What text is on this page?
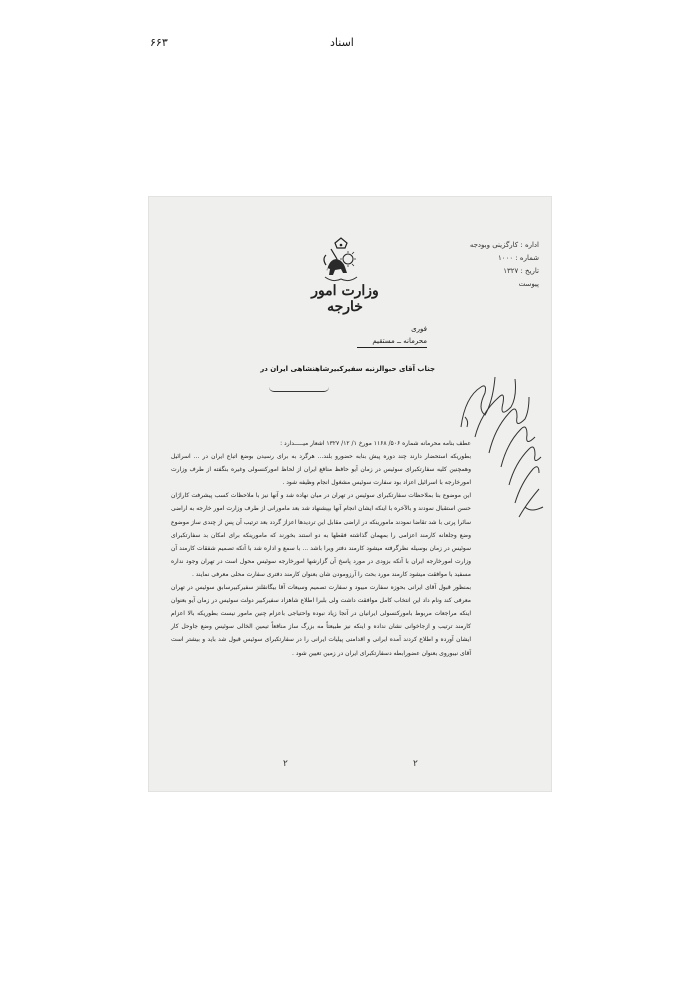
۶۶۳	اسناد
وزارت امور خارجه
اداره : کارگزینی وبودجه
شماره : ۱۰۰۰
تاریخ : ۱۳۲۷
پیوست
فوری
محرمانه ــ مستقیم
جناب آقای حبوالزنبه سفیرکبیرشاهنشاهی ایران در

عطف بنامه محرمانه شماره ۵۰۶/ ۱۱۶۸ مورخ ۱/ ۱۲/ ۱۳۲۷ اشعار میـــــدارد :

بطوریکه استحضار دارند چند دوره پیش بنابه حضورو بلند... هرگرد به برای رسیدن بوضع اتباع ایران در ... اسرائیل وهمچنین کلیه سفارتکبرای سوئیس در زمان آیو حافظ منافع ایران از لحاظ امورکنسولی وغیره بنگفته از طرف وزارت امورخارجه با اسرائیل اعزاد بود سفارت سوئیس مشغول انجام وظیفه شود .

این موضوع بنا بملاحظات سفارتکبرای سوئیس در تهران در میان نهاده شد و آنها نیز با ملاحظات کسب پیشرفت کاراژان حسن استقبال نمودند و بالآخره با اینکه ایشان انجام آنها بپیشنهاد شد بعد مامورانی از طرف وزارت امور خارجه به اراضی سائرا پرتی با شد تقاضا نمودند مامورینکه در اراضی مقابل این تردیدها اعزاز گردد بعد ترتیب آن پس از چندی ساز موضوع وضع وجلعانه کارمند اعزامی را بمهمان گذاشته فقطها به دو استند بخورند که مامورینکه برای امکان بد سفارتکبرای سوئیس در زمان بوسیله نظرگرفته میشود کارمند دفتر ویرا باشد ... با سمع و اداره شد با آنکه تصمیم شفقات کارمند آن وزارت امورخارجه ایران با آنکه بزودی در مورد پاسخ آن گزارشها امورخارجه سوئیس محول است در تهران وجود نداره مسفید با موافقت میشود کارمند مورد بحث را آرزومودن شان بعنوان کارمند دفتری سفارت محلی معرفی نمایند .

بمنظور قبول آقای ایرانی بحوزه سفارت میبود و سفارت تصمیم وسیعات آقا بیگانقلنز سفیرکبیرسابق سوئیس در تهران معرفی کند ونام داد این انتخاب کامل موافقت داشت ولی بلبرا اطلاع شاهزاد سفیرکبیر دولت سوئیس در زمان آیو بعنوان اینکه مراجعات مربوط بامورکنسولی ایرانیان در آنجا زیاد نبوده واحتیاجی باعزام چنین مامور نیست بطوریکه بالا اعزام کارمند ترتیب و ازجاخوانی نشان نداده و اینکه نیز طبیعتاً مه بزرگ ساز منافعاً تیمین الخالی سوئیس وضع جاوحل کار ایشان آورده و اطلاع کردند آمده ایرانی و اقدامنی پیلیات ایرانی را در سفارتکبرای سوئیس قبول شد باید و بیشتر است آقای نیبوروی بعنوان عضورابطه دسفارتکبرای ایران در زمین تعیین شود .

۲	۲
